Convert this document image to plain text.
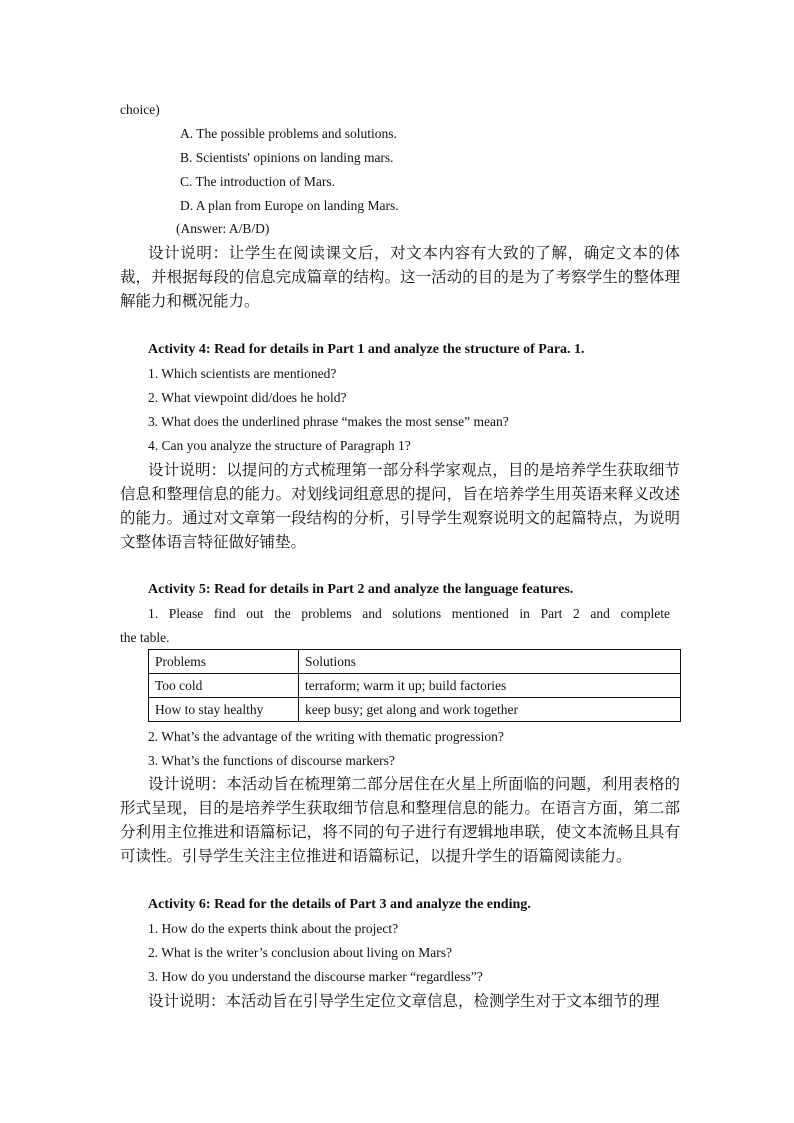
choice)
A. The possible problems and solutions.
B. Scientists' opinions on landing mars.
C. The introduction of Mars.
D. A plan from Europe on landing Mars.
(Answer: A/B/D)
设计说明：让学生在阅读课文后，对文本内容有大致的了解，确定文本的体裁，并根据每段的信息完成篇章的结构。这一活动的目的是为了考察学生的整体理解能力和概况能力。
Activity 4: Read for details in Part 1 and analyze the structure of Para. 1.
1. Which scientists are mentioned?
2. What viewpoint did/does he hold?
3. What does the underlined phrase “makes the most sense” mean?
4. Can you analyze the structure of Paragraph 1?
设计说明：以提问的方式梳理第一部分科学家观点，目的是培养学生获取细节信息和整理信息的能力。对划线词组意思的提问，旨在培养学生用英语来释义改述的能力。通过对文章第一段结构的分析，引导学生观察说明文的起篇特点，为说明文整体语言特征做好铺垫。
Activity 5: Read for details in Part 2 and analyze the language features.
1. Please find out the problems and solutions mentioned in Part 2 and complete
the table.
Problems	Solutions
Too cold	terraform; warm it up; build factories
How to stay healthy	keep busy; get along and work together
2. What’s the advantage of the writing with thematic progression?
3. What’s the functions of discourse markers?
设计说明：本活动旨在梳理第二部分居住在火星上所面临的问题，利用表格的形式呈现，目的是培养学生获取细节信息和整理信息的能力。在语言方面，第二部分利用主位推进和语篇标记，将不同的句子进行有逻辑地串联，使文本流畅且具有可读性。引导学生关注主位推进和语篇标记，以提升学生的语篇阅读能力。
Activity 6: Read for the details of Part 3 and analyze the ending.
1. How do the experts think about the project?
2. What is the writer’s conclusion about living on Mars?
3. How do you understand the discourse marker “regardless”?
设计说明：本活动旨在引导学生定位文章信息，检测学生对于文本细节的理
